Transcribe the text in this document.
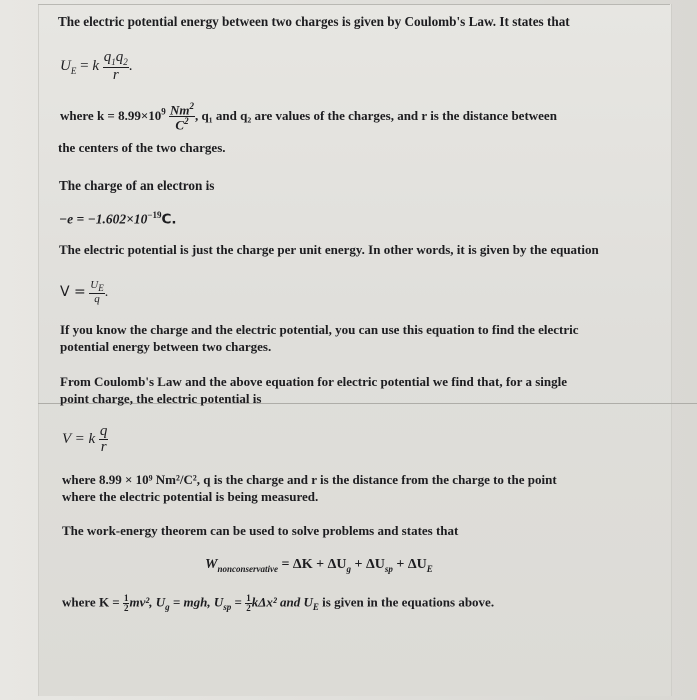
The electric potential energy between two charges is given by Coulomb's Law. It states that
$U_E = k \frac{q_1q_2}{r}$ .
where $k = 8.99\times 10^9 \frac{Nm^2}{C^2}$ , q₁ and q₂ are values of the charges, and r is the distance between
the centers of the two charges.
The charge of an electron is
$-e = -1.602\times 10^{-19}C$.
The electric potential is just the charge per unit energy. In other words, it is given by the equation
$V = \frac{U_E}{q}$ .
If you know the charge and the electric potential, you can use this equation to find the electric
potential energy between two charges.
From Coulomb's Law and the above equation for electric potential we find that, for a single
point charge, the electric potential is
V = k $\frac{q}{r}$
where 8.99 × 10⁹ Nm²/C², q is the charge and r is the distance from the charge to the point
where the electric potential is being measured.
The work-energy theorem can be used to solve problems and states that
$W_{nonconservative} = \Delta K + \Delta U_g + \Delta U_{sp} + \Delta U_E$
where $K = \frac{1}{2} mv^2$, $U_g$ = mgh, $U_{sp} = \frac{1}{2} k\Delta x^2$ and $U_E$ is given in the equations above.
